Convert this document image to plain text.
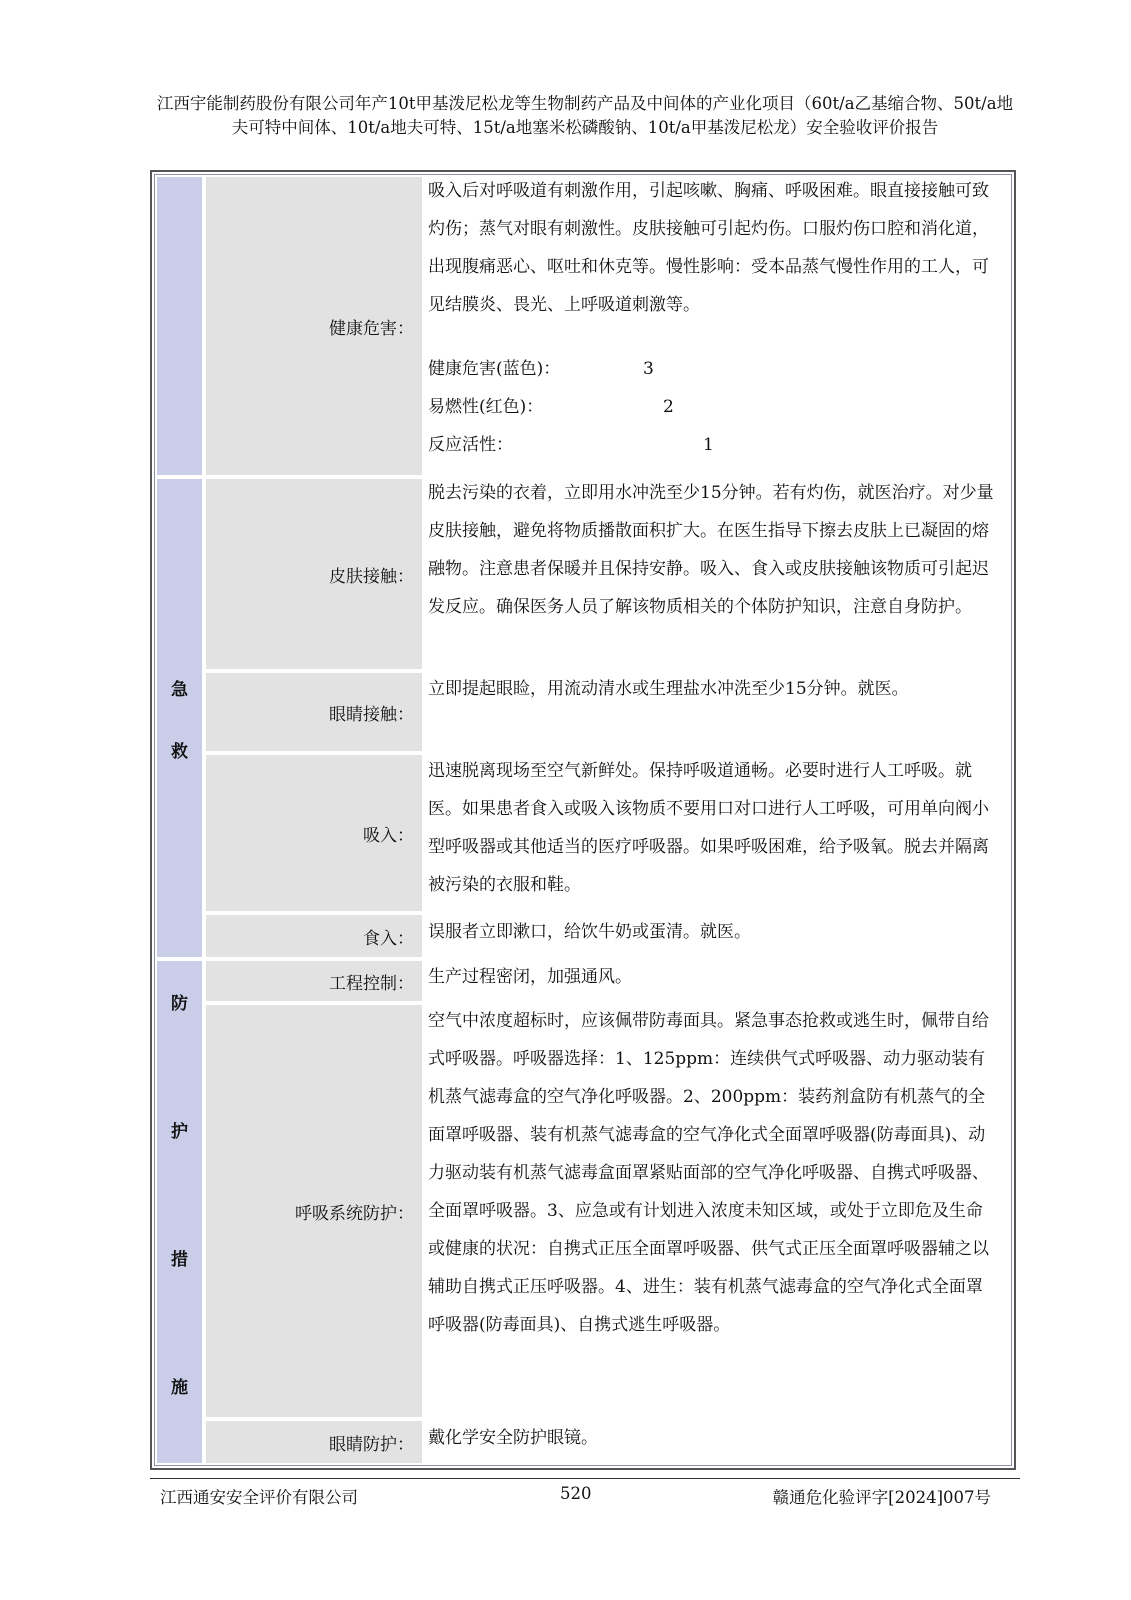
江西宇能制药股份有限公司年产10t甲基泼尼松龙等生物制药产品及中间体的产业化项目（60t/a乙基缩合物、50t/a地夫可特中间体、10t/a地夫可特、15t/a地塞米松磷酸钠、10t/a甲基泼尼松龙）安全验收评价报告
健康危害：

吸入后对呼吸道有刺激作用，引起咳嗽、胸痛、呼吸困难。眼直接接触可致灼伤；蒸气对眼有刺激性。皮肤接触可引起灼伤。口服灼伤口腔和消化道，出现腹痛恶心、呕吐和休克等。慢性影响：受本品蒸气慢性作用的工人，可见结膜炎、畏光、上呼吸道刺激等。

健康危害(蓝色)：	3
易燃性(红色)：	2
反应活性：	1
急
救
皮肤接触：

脱去污染的衣着，立即用水冲洗至少15分钟。若有灼伤，就医治疗。对少量皮肤接触，避免将物质播散面积扩大。在医生指导下擦去皮肤上已凝固的熔融物。注意患者保暖并且保持安静。吸入、食入或皮肤接触该物质可引起迟发反应。确保医务人员了解该物质相关的个体防护知识，注意自身防护。

眼睛接触：

立即提起眼睑，用流动清水或生理盐水冲洗至少15分钟。就医。

吸入：

迅速脱离现场至空气新鲜处。保持呼吸道通畅。必要时进行人工呼吸。就医。如果患者食入或吸入该物质不要用口对口进行人工呼吸，可用单向阀小型呼吸器或其他适当的医疗呼吸器。如果呼吸困难，给予吸氧。脱去并隔离被污染的衣服和鞋。

食入： 误服者立即漱口，给饮牛奶或蛋清。就医。

防
护
措
施
工程控制： 生产过程密闭，加强通风。

呼吸系统防护：

空气中浓度超标时，应该佩带防毒面具。紧急事态抢救或逃生时，佩带自给式呼吸器。呼吸器选择：1、125ppm：连续供气式呼吸器、动力驱动装有机蒸气滤毒盒的空气净化呼吸器。2、200ppm：装药剂盒防有机蒸气的全面罩呼吸器、装有机蒸气滤毒盒的空气净化式全面罩呼吸器(防毒面具)、动力驱动装有机蒸气滤毒盒面罩紧贴面部的空气净化呼吸器、自携式呼吸器、全面罩呼吸器。3、应急或有计划进入浓度未知区域，或处于立即危及生命或健康的状况：自携式正压全面罩呼吸器、供气式正压全面罩呼吸器辅之以辅助自携式正压呼吸器。4、进生：装有机蒸气滤毒盒的空气净化式全面罩呼吸器(防毒面具)、自携式逃生呼吸器。

眼睛防护： 戴化学安全防护眼镜。

江西通安安全评价有限公司	520	赣通危化验评字[2024]007号
